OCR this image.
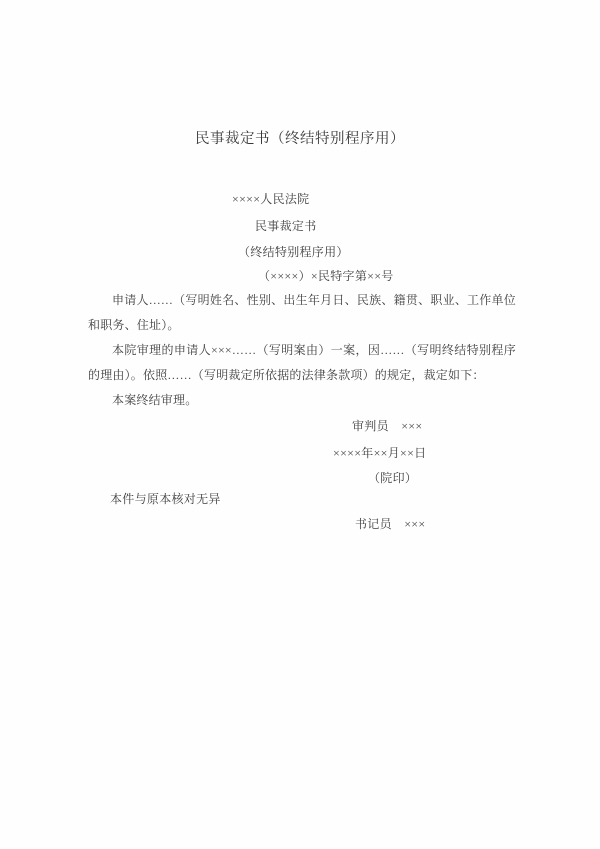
民事裁定书（终结特别程序用）
××××人民法院
民事裁定书
（终结特别程序用）
（××××）×民特字第××号
申请人……（写明姓名、性别、出生年月日、民族、籍贯、职业、工作单位和职务、住址）。
本院审理的申请人×××……（写明案由）一案，因……（写明终结特别程序的理由）。依照……（写明裁定所依据的法律条款项）的规定，裁定如下：
本案终结审理。
审判员　×××
××××年××月××日
（院印）
本件与原本核对无异
书记员　×××
